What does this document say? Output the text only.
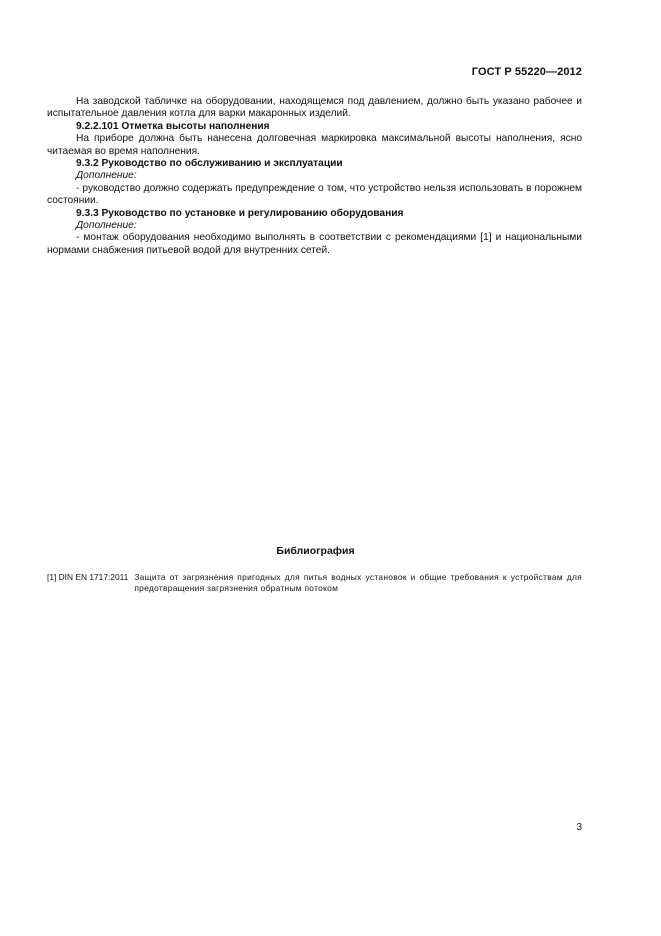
ГОСТ Р 55220—2012

На заводской табличке на оборудовании, находящемся под давлением, должно быть указано рабочее и испытательное давления котла для варки макаронных изделий.

9.2.2.101 Отметка высоты наполнения

На приборе должна быть нанесена долговечная маркировка максимальной высоты наполнения, ясно читаемая во время наполнения.

9.3.2 Руководство по обслуживанию и эксплуатации

Дополнение:

- руководство должно содержать предупреждение о том, что устройство нельзя использовать в порожнем состоянии.

9.3.3 Руководство по установке и регулированию оборудования

Дополнение:

- монтаж оборудования необходимо выполнять в соответствии с рекомендациями [1] и национальными нормами снабжения питьевой водой для внутренних сетей.

Библиография
[1] DIN EN 1717:2011 Защита от загрязнения пригодных для питья водных установок и общие требования к устройствам для предотвращения загрязнения обратным потоком
3
